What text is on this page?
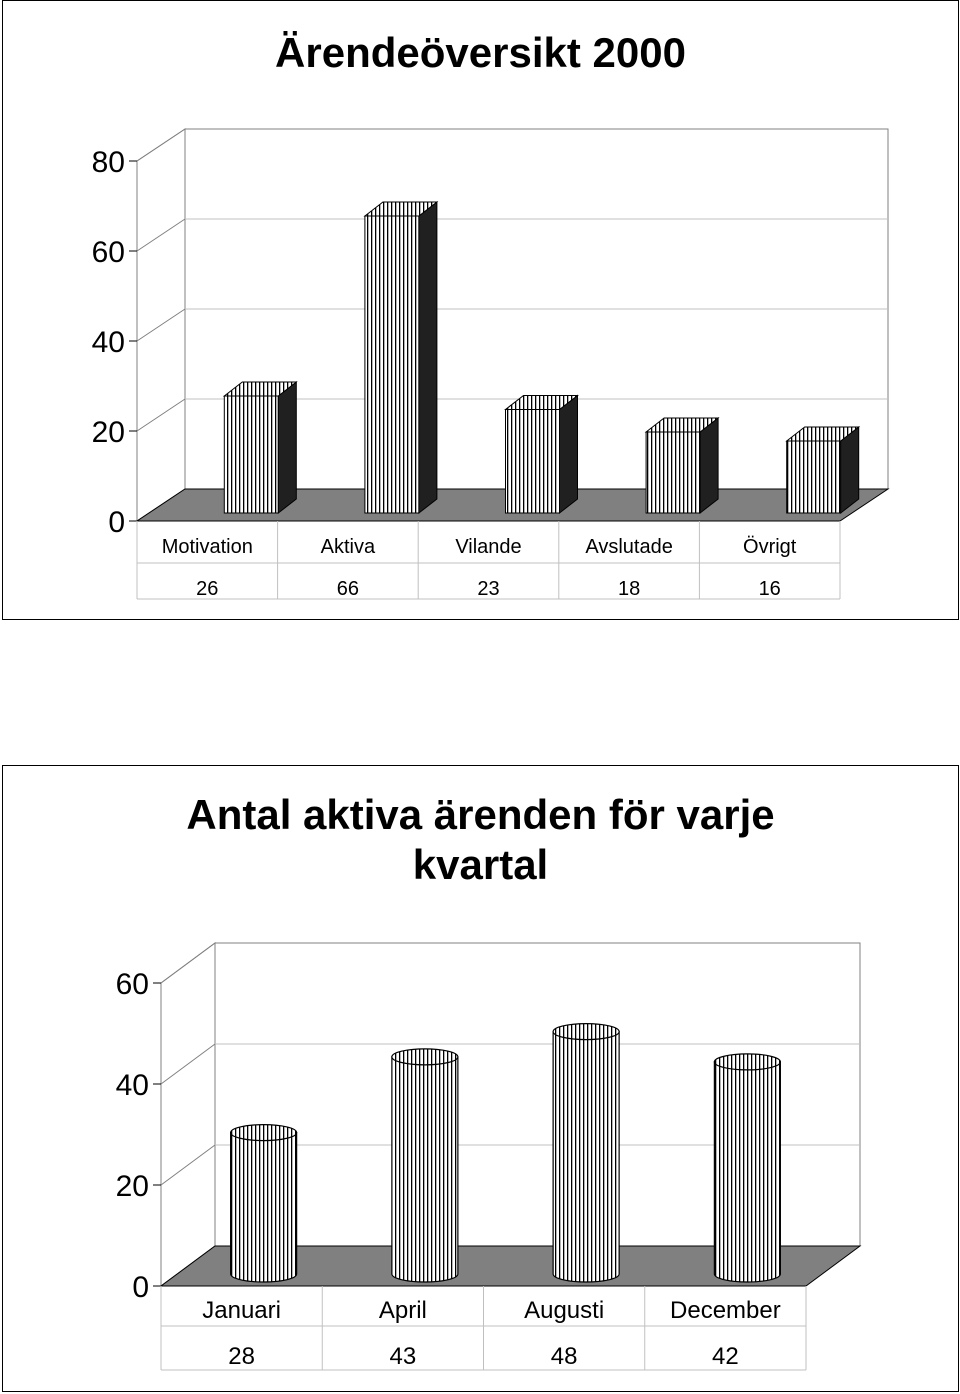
Ärendeöversikt 2000
0
20
40
60
80
Motivation
26
Aktiva
66
Vilande
23
Avslutade
18
Övrigt
16
Antal aktiva ärenden för varje
kvartal
0
20
40
60
Januari
28
April
43
Augusti
48
December
42
